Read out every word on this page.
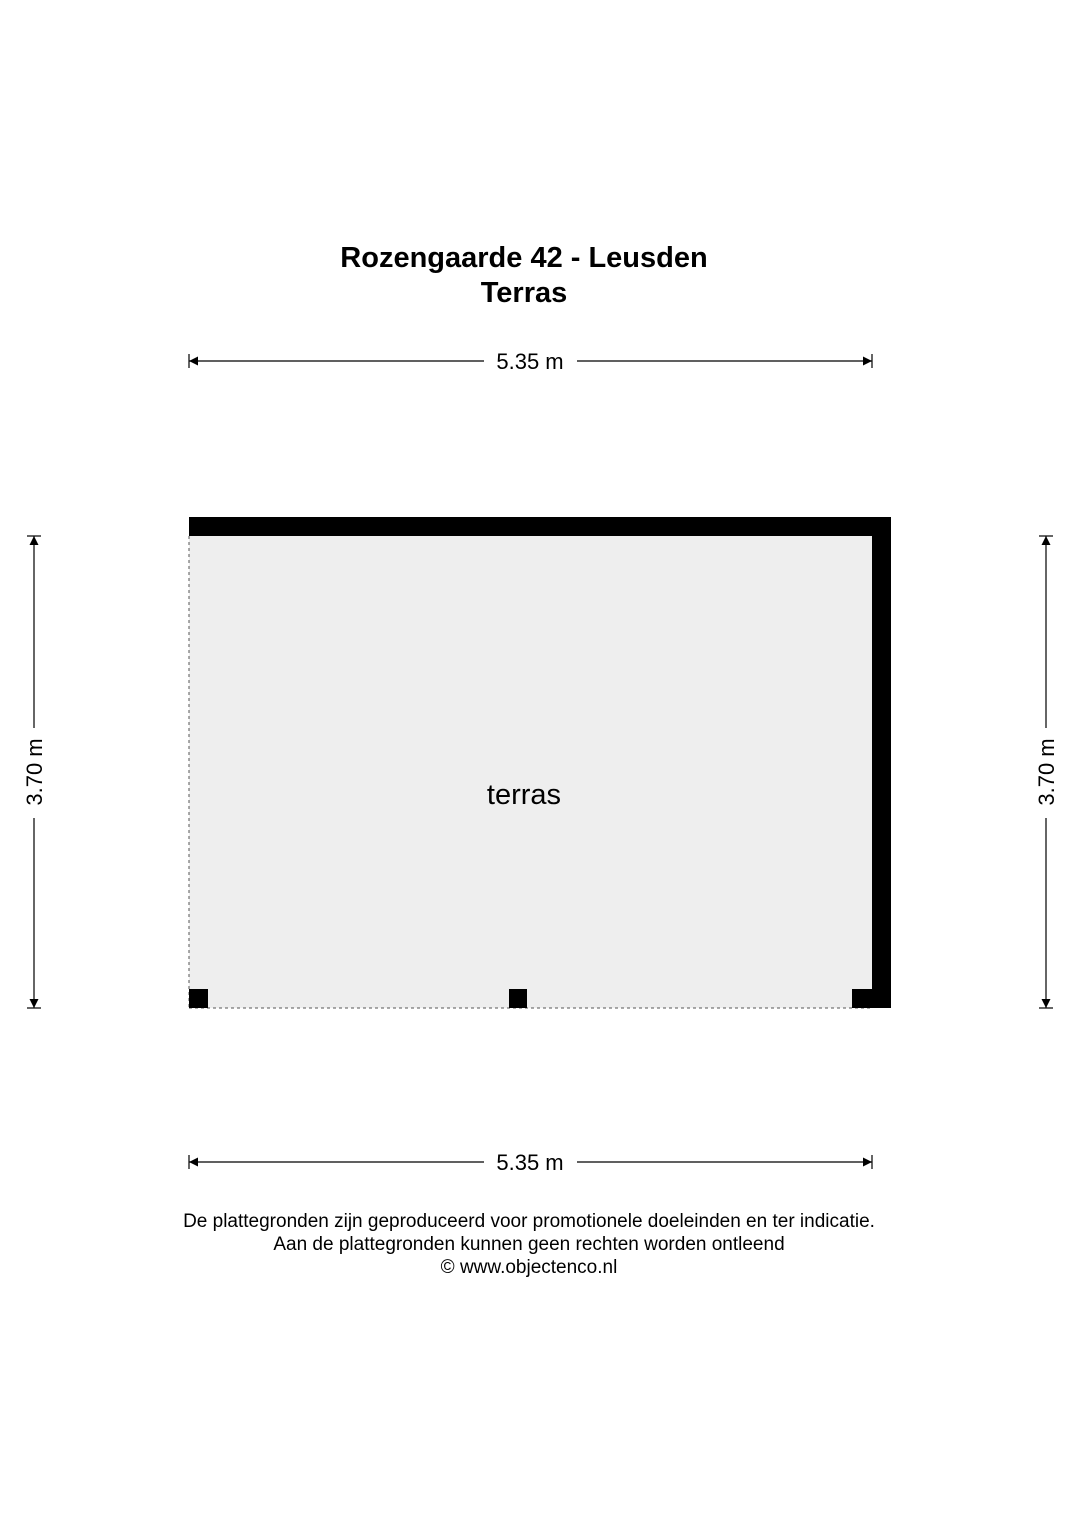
Rozengaarde 42 - Leusden
Terras
terras
5.35 m
5.35 m
3.70 m	3.70 m
De plattegronden zijn geproduceerd voor promotionele doeleinden en ter indicatie.
Aan de plattegronden kunnen geen rechten worden ontleend
© www.objectenco.nl
